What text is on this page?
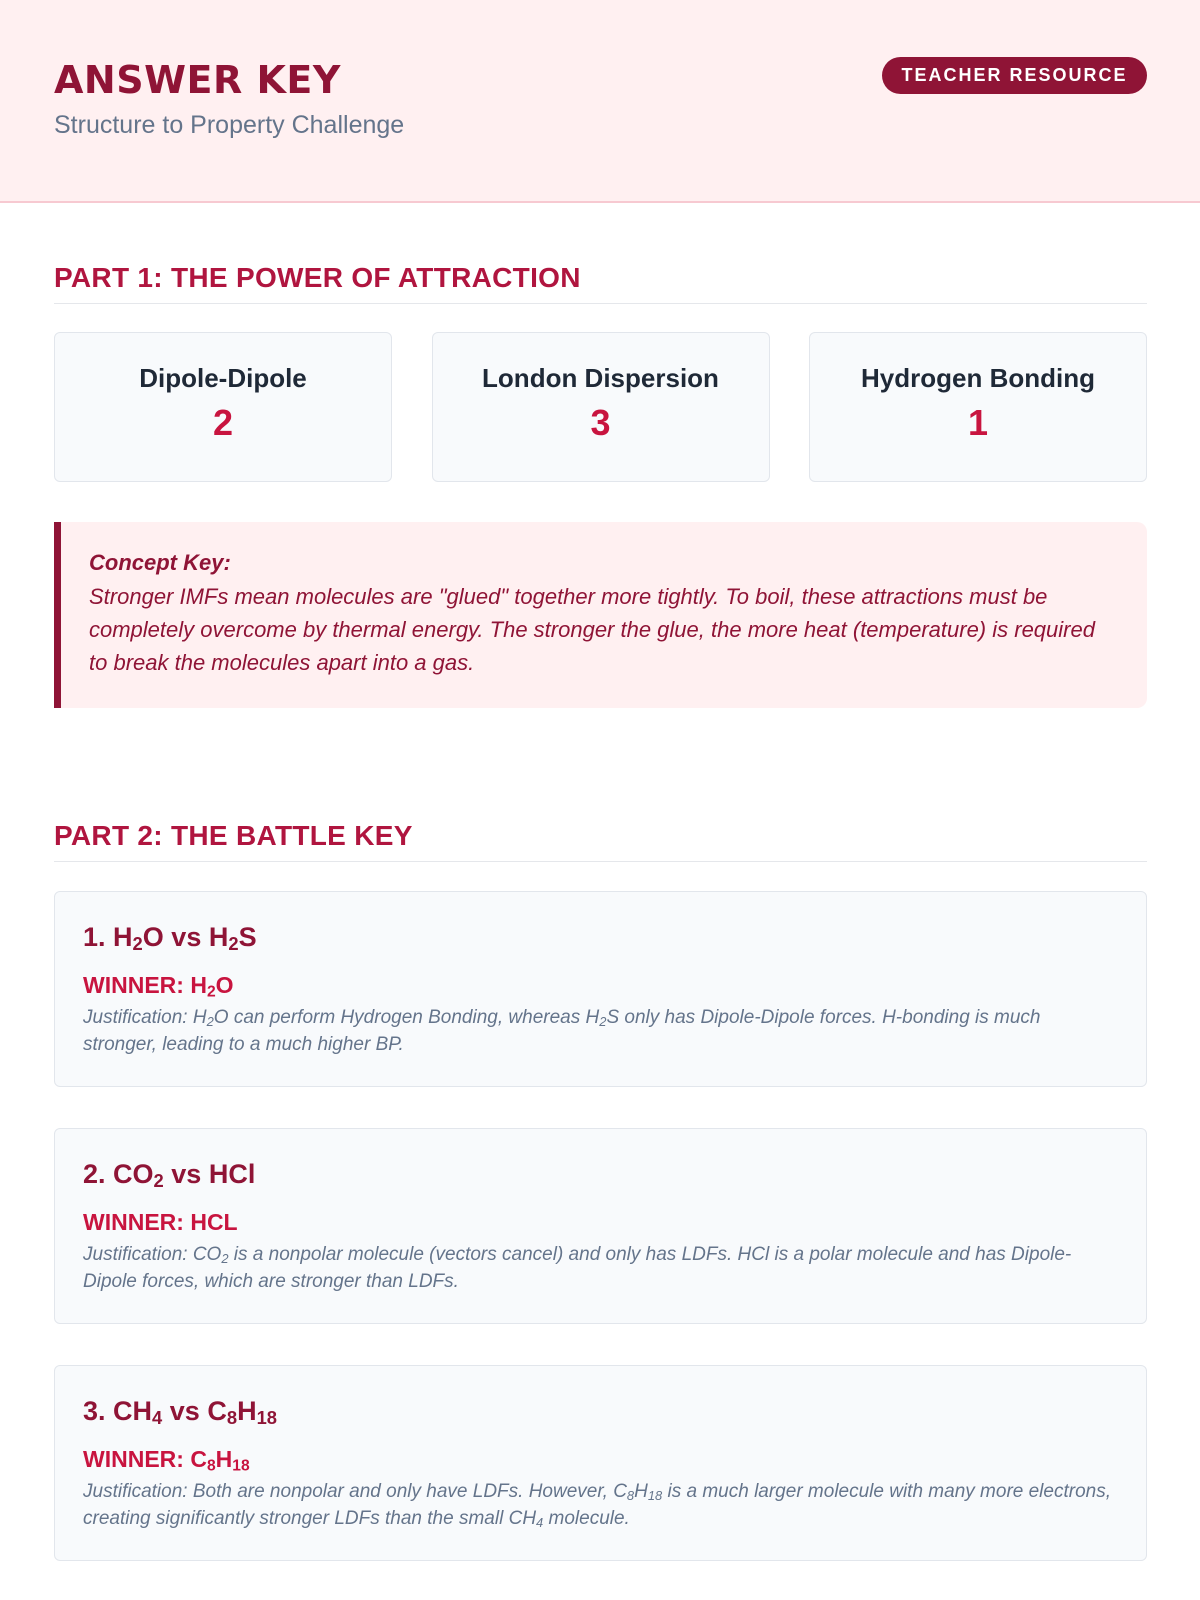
ANSWER KEY
Structure to Property Challenge
TEACHER RESOURCE
PART 1: THE POWER OF ATTRACTION
Dipole-Dipole
2
London Dispersion
3
Hydrogen Bonding
1
Concept Key:
Stronger IMFs mean molecules are "glued" together more tightly. To boil, these attractions must be completely overcome by thermal energy. The stronger the glue, the more heat (temperature) is required to break the molecules apart into a gas.
PART 2: THE BATTLE KEY
1. $H_2O$ vs $H_2S$
WINNER: $H_2O$
Justification: $H_2O$ can perform Hydrogen Bonding, whereas $H_2S$ only has Dipole-Dipole forces. H-bonding is much stronger, leading to a much higher BP.
2. $CO_2$ vs HCl
WINNER: HCL
Justification: $CO_2$ is a nonpolar molecule (vectors cancel) and only has LDFs. HCl is a polar molecule and has Dipole-Dipole forces, which are stronger than LDFs.
3. $CH_4$ vs $C_8H_{18}$
WINNER: $C_8H_{18}$
Justification: Both are nonpolar and only have LDFs. However, $C_8H_{18}$ is a much larger molecule with many more electrons, creating significantly stronger LDFs than the small $CH_4$ molecule.
